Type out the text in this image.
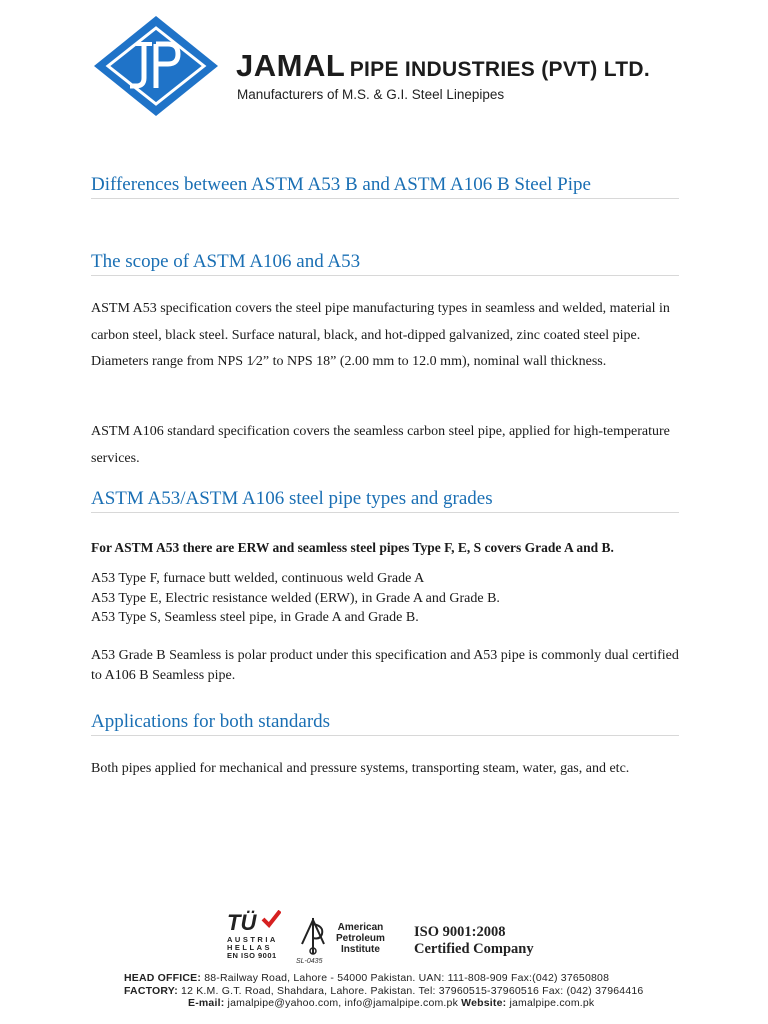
JAMAL PIPE INDUSTRIES (PVT) LTD.
Manufacturers of M.S. & G.I. Steel Linepipes
Differences between ASTM A53 B and ASTM A106 B Steel Pipe
The scope of ASTM A106 and A53
ASTM A53 specification covers the steel pipe manufacturing types in seamless and welded, material in carbon steel, black steel. Surface natural, black, and hot-dipped galvanized, zinc coated steel pipe. Diameters range from NPS 1⁄2” to NPS 18” (2.00 mm to 12.0 mm), nominal wall thickness.
ASTM A106 standard specification covers the seamless carbon steel pipe, applied for high-temperature services.
ASTM A53/ASTM A106 steel pipe types and grades
For ASTM A53 there are ERW and seamless steel pipes Type F, E, S covers Grade A and B.
A53 Type F, furnace butt welded, continuous weld Grade A
A53 Type E, Electric resistance welded (ERW), in Grade A and Grade B.
A53 Type S, Seamless steel pipe, in Grade A and Grade B.
A53 Grade B Seamless is polar product under this specification and A53 pipe is commonly dual certified to A106 B Seamless pipe.
Applications for both standards
Both pipes applied for mechanical and pressure systems, transporting steam, water, gas, and etc.
TÜ
AUSTRIA
HELLAS
EN ISO 9001
American
Petroleum
Institute
SL-0435
ISO 9001:2008
Certified Company
HEAD OFFICE: 88-Railway Road, Lahore - 54000 Pakistan. UAN: 111-808-909 Fax:(042) 37650808
FACTORY: 12 K.M. G.T. Road, Shahdara, Lahore. Pakistan. Tel: 37960515-37960516 Fax: (042) 37964416
E-mail: jamalpipe@yahoo.com, info@jamalpipe.com.pk Website: jamalpipe.com.pk
